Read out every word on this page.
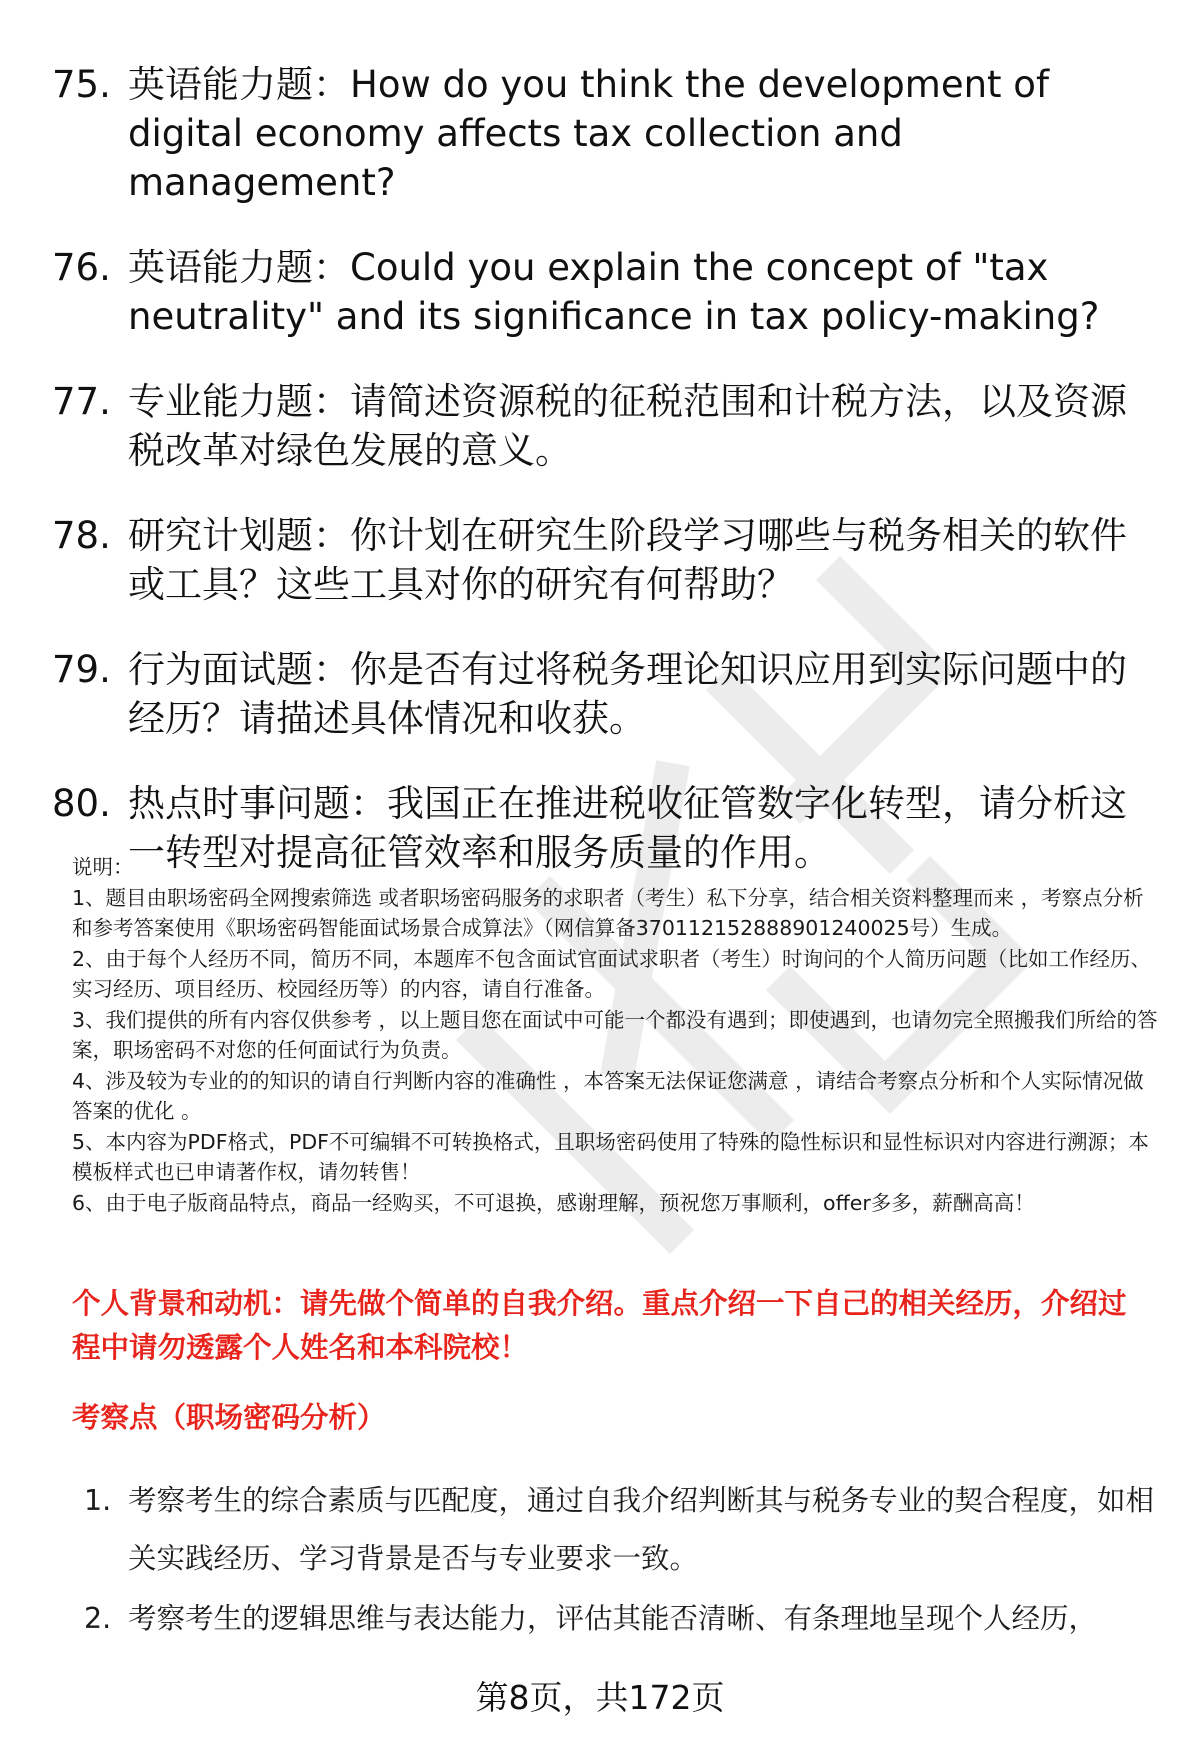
75. 英语能力题：How do you think the development of digital economy affects tax collection and management?
76. 英语能力题：Could you explain the concept of "tax neutrality" and its significance in tax policy-making?
77. 专业能力题：请简述资源税的征税范围和计税方法，以及资源税改革对绿色发展的意义。
78. 研究计划题：你计划在研究生阶段学习哪些与税务相关的软件或工具？这些工具对你的研究有何帮助？
79. 行为面试题：你是否有过将税务理论知识应用到实际问题中的经历？请描述具体情况和收获。
80. 热点时事问题：我国正在推进税收征管数字化转型，请分析这一转型对提高征管效率和服务质量的作用。

说明：

1、题目由职场密码全网搜索筛选 或者职场密码服务的求职者（考生）私下分享，结合相关资料整理而来 ，考察点分析和参考答案使用《职场密码智能面试场景合成算法》（网信算备370112152888901240025号）生成。

2、由于每个人经历不同，简历不同，本题库不包含面试官面试求职者（考生）时询问的个人简历问题（比如工作经历、实习经历、项目经历、校园经历等）的内容，请自行准备。

3、我们提供的所有内容仅供参考 ，以上题目您在面试中可能一个都没有遇到；即使遇到，也请勿完全照搬我们所给的答案，职场密码不对您的任何面试行为负责。

4、涉及较为专业的的知识的请自行判断内容的准确性 ，本答案无法保证您满意 ，请结合考察点分析和个人实际情况做答案的优化 。

5、本内容为PDF格式，PDF不可编辑不可转换格式，且职场密码使用了特殊的隐性标识和显性标识对内容进行溯源；本模板样式也已申请著作权，请勿转售！

6、由于电子版商品特点，商品一经购买，不可退换，感谢理解，预祝您万事顺利，offer多多，薪酬高高！

个人背景和动机：请先做个简单的自我介绍。重点介绍一下自己的相关经历，介绍过程中请勿透露个人姓名和本科院校！
考察点（职场密码分析）
1. 考察考生的综合素质与匹配度，通过自我介绍判断其与税务专业的契合程度，如相关实践经历、学习背景是否与专业要求一致。
2. 考察考生的逻辑思维与表达能力，评估其能否清晰、有条理地呈现个人经历，
第8页，共172页
